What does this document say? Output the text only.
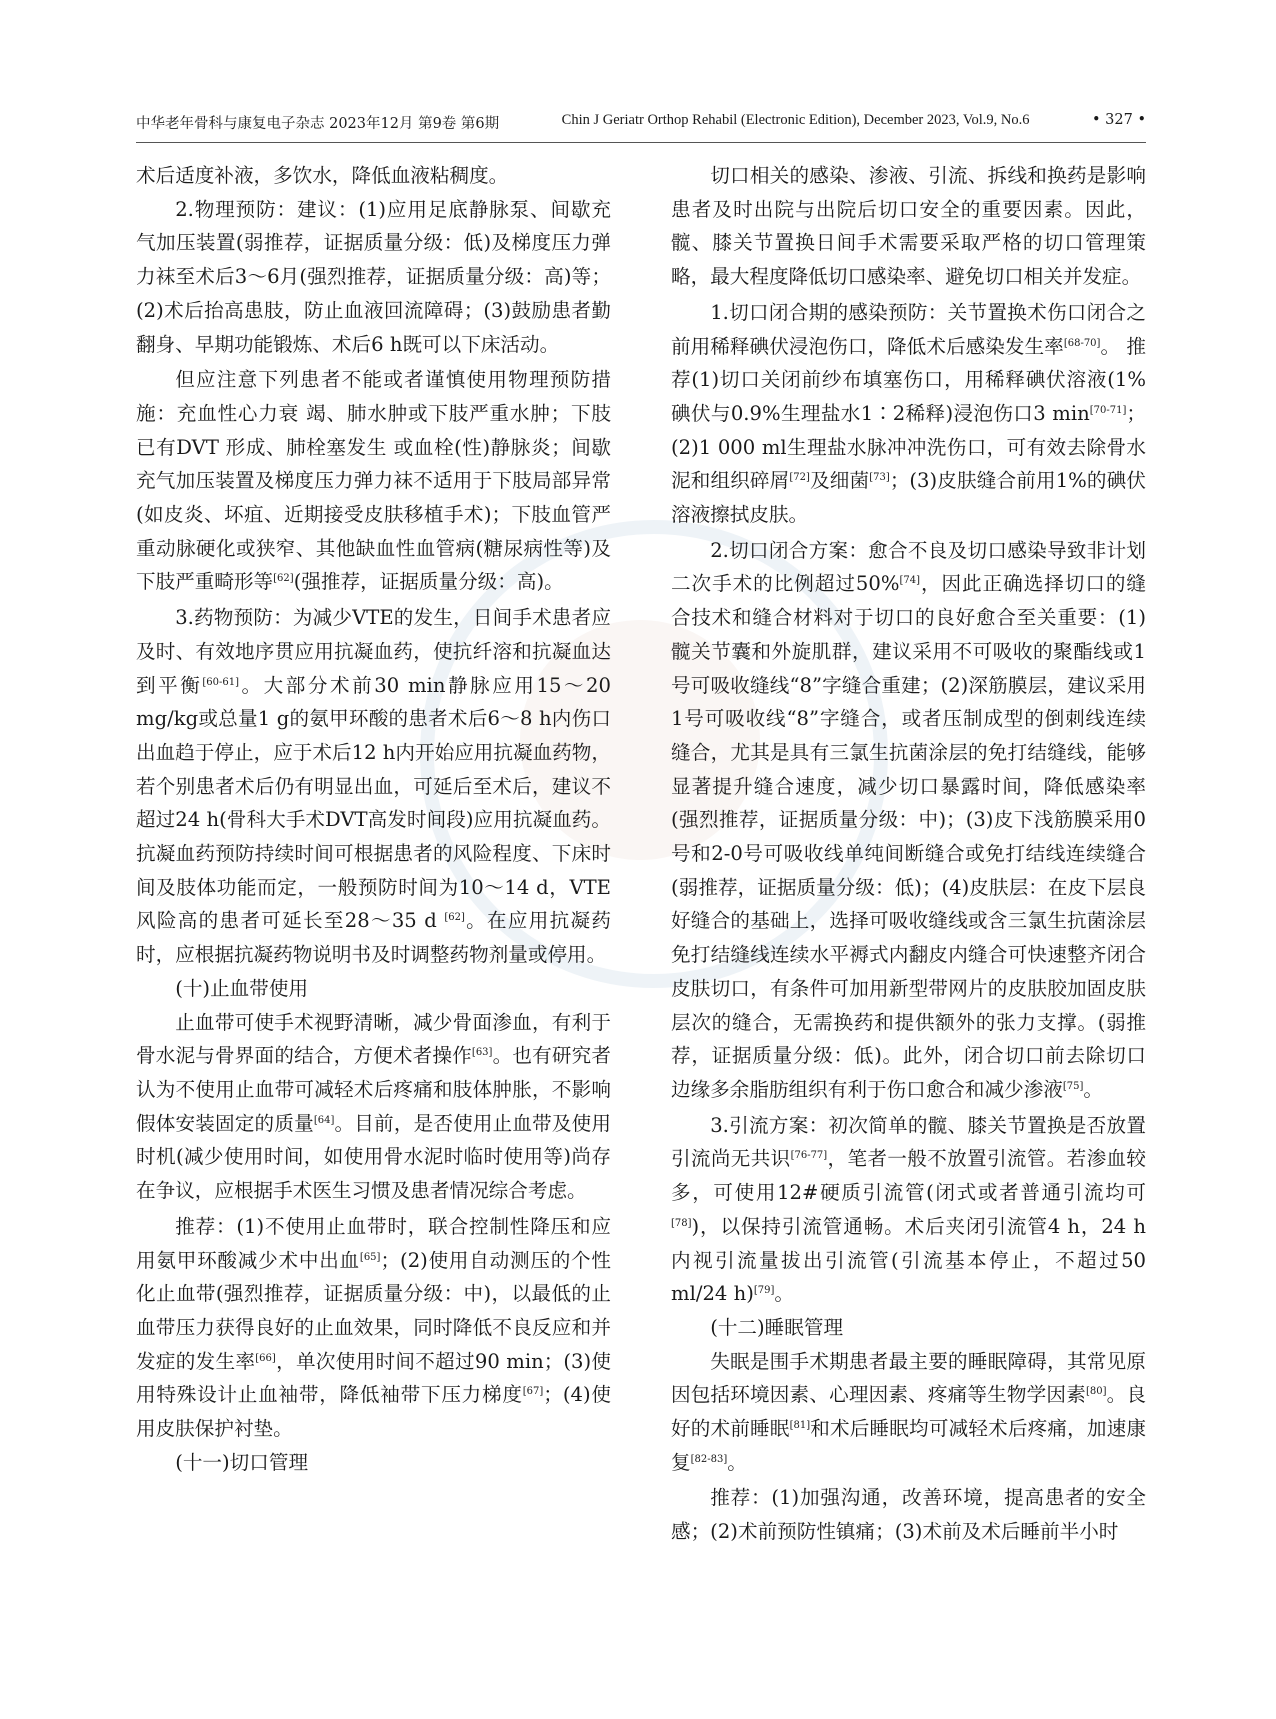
中华老年骨科与康复电子杂志 2023年12月 第9卷 第6期	Chin J Geriatr Orthop Rehabil (Electronic Edition), December 2023, Vol.9, No.6	• 327 •

术后适度补液，多饮水，降低血液粘稠度。

2.物理预防：建议：(1)应用足底静脉泵、间歇充气加压装置(弱推荐，证据质量分级：低)及梯度压力弹力袜至术后3～6月(强烈推荐，证据质量分级：高)等；(2)术后抬高患肢，防止血液回流障碍；(3)鼓励患者勤翻身、早期功能锻炼、术后6 h既可以下床活动。

但应注意下列患者不能或者谨慎使用物理预防措施：充血性心力衰 竭、肺水肿或下肢严重水肿；下肢已有DVT 形成、肺栓塞发生 或血栓(性)静脉炎；间歇充气加压装置及梯度压力弹力袜不适用于下肢局部异常(如皮炎、坏疽、近期接受皮肤移植手术)；下肢血管严重动脉硬化或狭窄、其他缺血性血管病(糖尿病性等)及下肢严重畸形等[62](强推荐，证据质量分级：高)。

3.药物预防：为减少VTE的发生，日间手术患者应及时、有效地序贯应用抗凝血药，使抗纤溶和抗凝血达到平衡[60-61]。大部分术前30 min静脉应用15～20 mg/kg或总量1 g的氨甲环酸的患者术后6～8 h内伤口出血趋于停止，应于术后12 h内开始应用抗凝血药物，若个别患者术后仍有明显出血，可延后至术后，建议不超过24 h(骨科大手术DVT高发时间段)应用抗凝血药。抗凝血药预防持续时间可根据患者的风险程度、下床时间及肢体功能而定，一般预防时间为10～14 d，VTE风险高的患者可延长至28～35 d [62]。在应用抗凝药时，应根据抗凝药物说明书及时调整药物剂量或停用。

(十)止血带使用

止血带可使手术视野清晰，减少骨面渗血，有利于骨水泥与骨界面的结合，方便术者操作[63]。也有研究者认为不使用止血带可减轻术后疼痛和肢体肿胀，不影响假体安装固定的质量[64]。目前，是否使用止血带及使用时机(减少使用时间，如使用骨水泥时临时使用等)尚存在争议，应根据手术医生习惯及患者情况综合考虑。

推荐：(1)不使用止血带时，联合控制性降压和应用氨甲环酸减少术中出血[65]；(2)使用自动测压的个性化止血带(强烈推荐，证据质量分级：中)，以最低的止血带压力获得良好的止血效果，同时降低不良反应和并发症的发生率[66]，单次使用时间不超过90 min；(3)使用特殊设计止血袖带，降低袖带下压力梯度[67]；(4)使用皮肤保护衬垫。

(十一)切口管理

切口相关的感染、渗液、引流、拆线和换药是影响患者及时出院与出院后切口安全的重要因素。因此，髋、膝关节置换日间手术需要采取严格的切口管理策略，最大程度降低切口感染率、避免切口相关并发症。

1.切口闭合期的感染预防：关节置换术伤口闭合之前用稀释碘伏浸泡伤口，降低术后感染发生率[68-70]。 推荐(1)切口关闭前纱布填塞伤口，用稀释碘伏溶液(1%碘伏与0.9%生理盐水1∶2稀释)浸泡伤口3 min[70-71]；(2)1 000 ml生理盐水脉冲冲洗伤口，可有效去除骨水泥和组织碎屑[72]及细菌[73]；(3)皮肤缝合前用1%的碘伏溶液擦拭皮肤。

2.切口闭合方案：愈合不良及切口感染导致非计划二次手术的比例超过50%[74]，因此正确选择切口的缝合技术和缝合材料对于切口的良好愈合至关重要：(1)髋关节囊和外旋肌群，建议采用不可吸收的聚酯线或1号可吸收缝线“8”字缝合重建；(2)深筋膜层，建议采用1号可吸收线“8”字缝合，或者压制成型的倒刺线连续缝合，尤其是具有三氯生抗菌涂层的免打结缝线，能够显著提升缝合速度，减少切口暴露时间，降低感染率(强烈推荐，证据质量分级：中)；(3)皮下浅筋膜采用0号和2-0号可吸收线单纯间断缝合或免打结线连续缝合(弱推荐，证据质量分级：低)；(4)皮肤层：在皮下层良好缝合的基础上，选择可吸收缝线或含三氯生抗菌涂层免打结缝线连续水平褥式内翻皮内缝合可快速整齐闭合皮肤切口，有条件可加用新型带网片的皮肤胶加固皮肤层次的缝合，无需换药和提供额外的张力支撑。(弱推荐，证据质量分级：低)。此外，闭合切口前去除切口边缘多余脂肪组织有利于伤口愈合和减少渗液[75]。

3.引流方案：初次简单的髋、膝关节置换是否放置引流尚无共识[76-77]，笔者一般不放置引流管。若渗血较多，可使用12#硬质引流管(闭式或者普通引流均可[78])，以保持引流管通畅。术后夹闭引流管4 h，24 h内视引流量拔出引流管(引流基本停止，不超过50 ml/24 h)[79]。

(十二)睡眠管理

失眠是围手术期患者最主要的睡眠障碍，其常见原因包括环境因素、心理因素、疼痛等生物学因素[80]。良好的术前睡眠[81]和术后睡眠均可减轻术后疼痛，加速康复[82-83]。

推荐：(1)加强沟通，改善环境，提高患者的安全感；(2)术前预防性镇痛；(3)术前及术后睡前半小时
